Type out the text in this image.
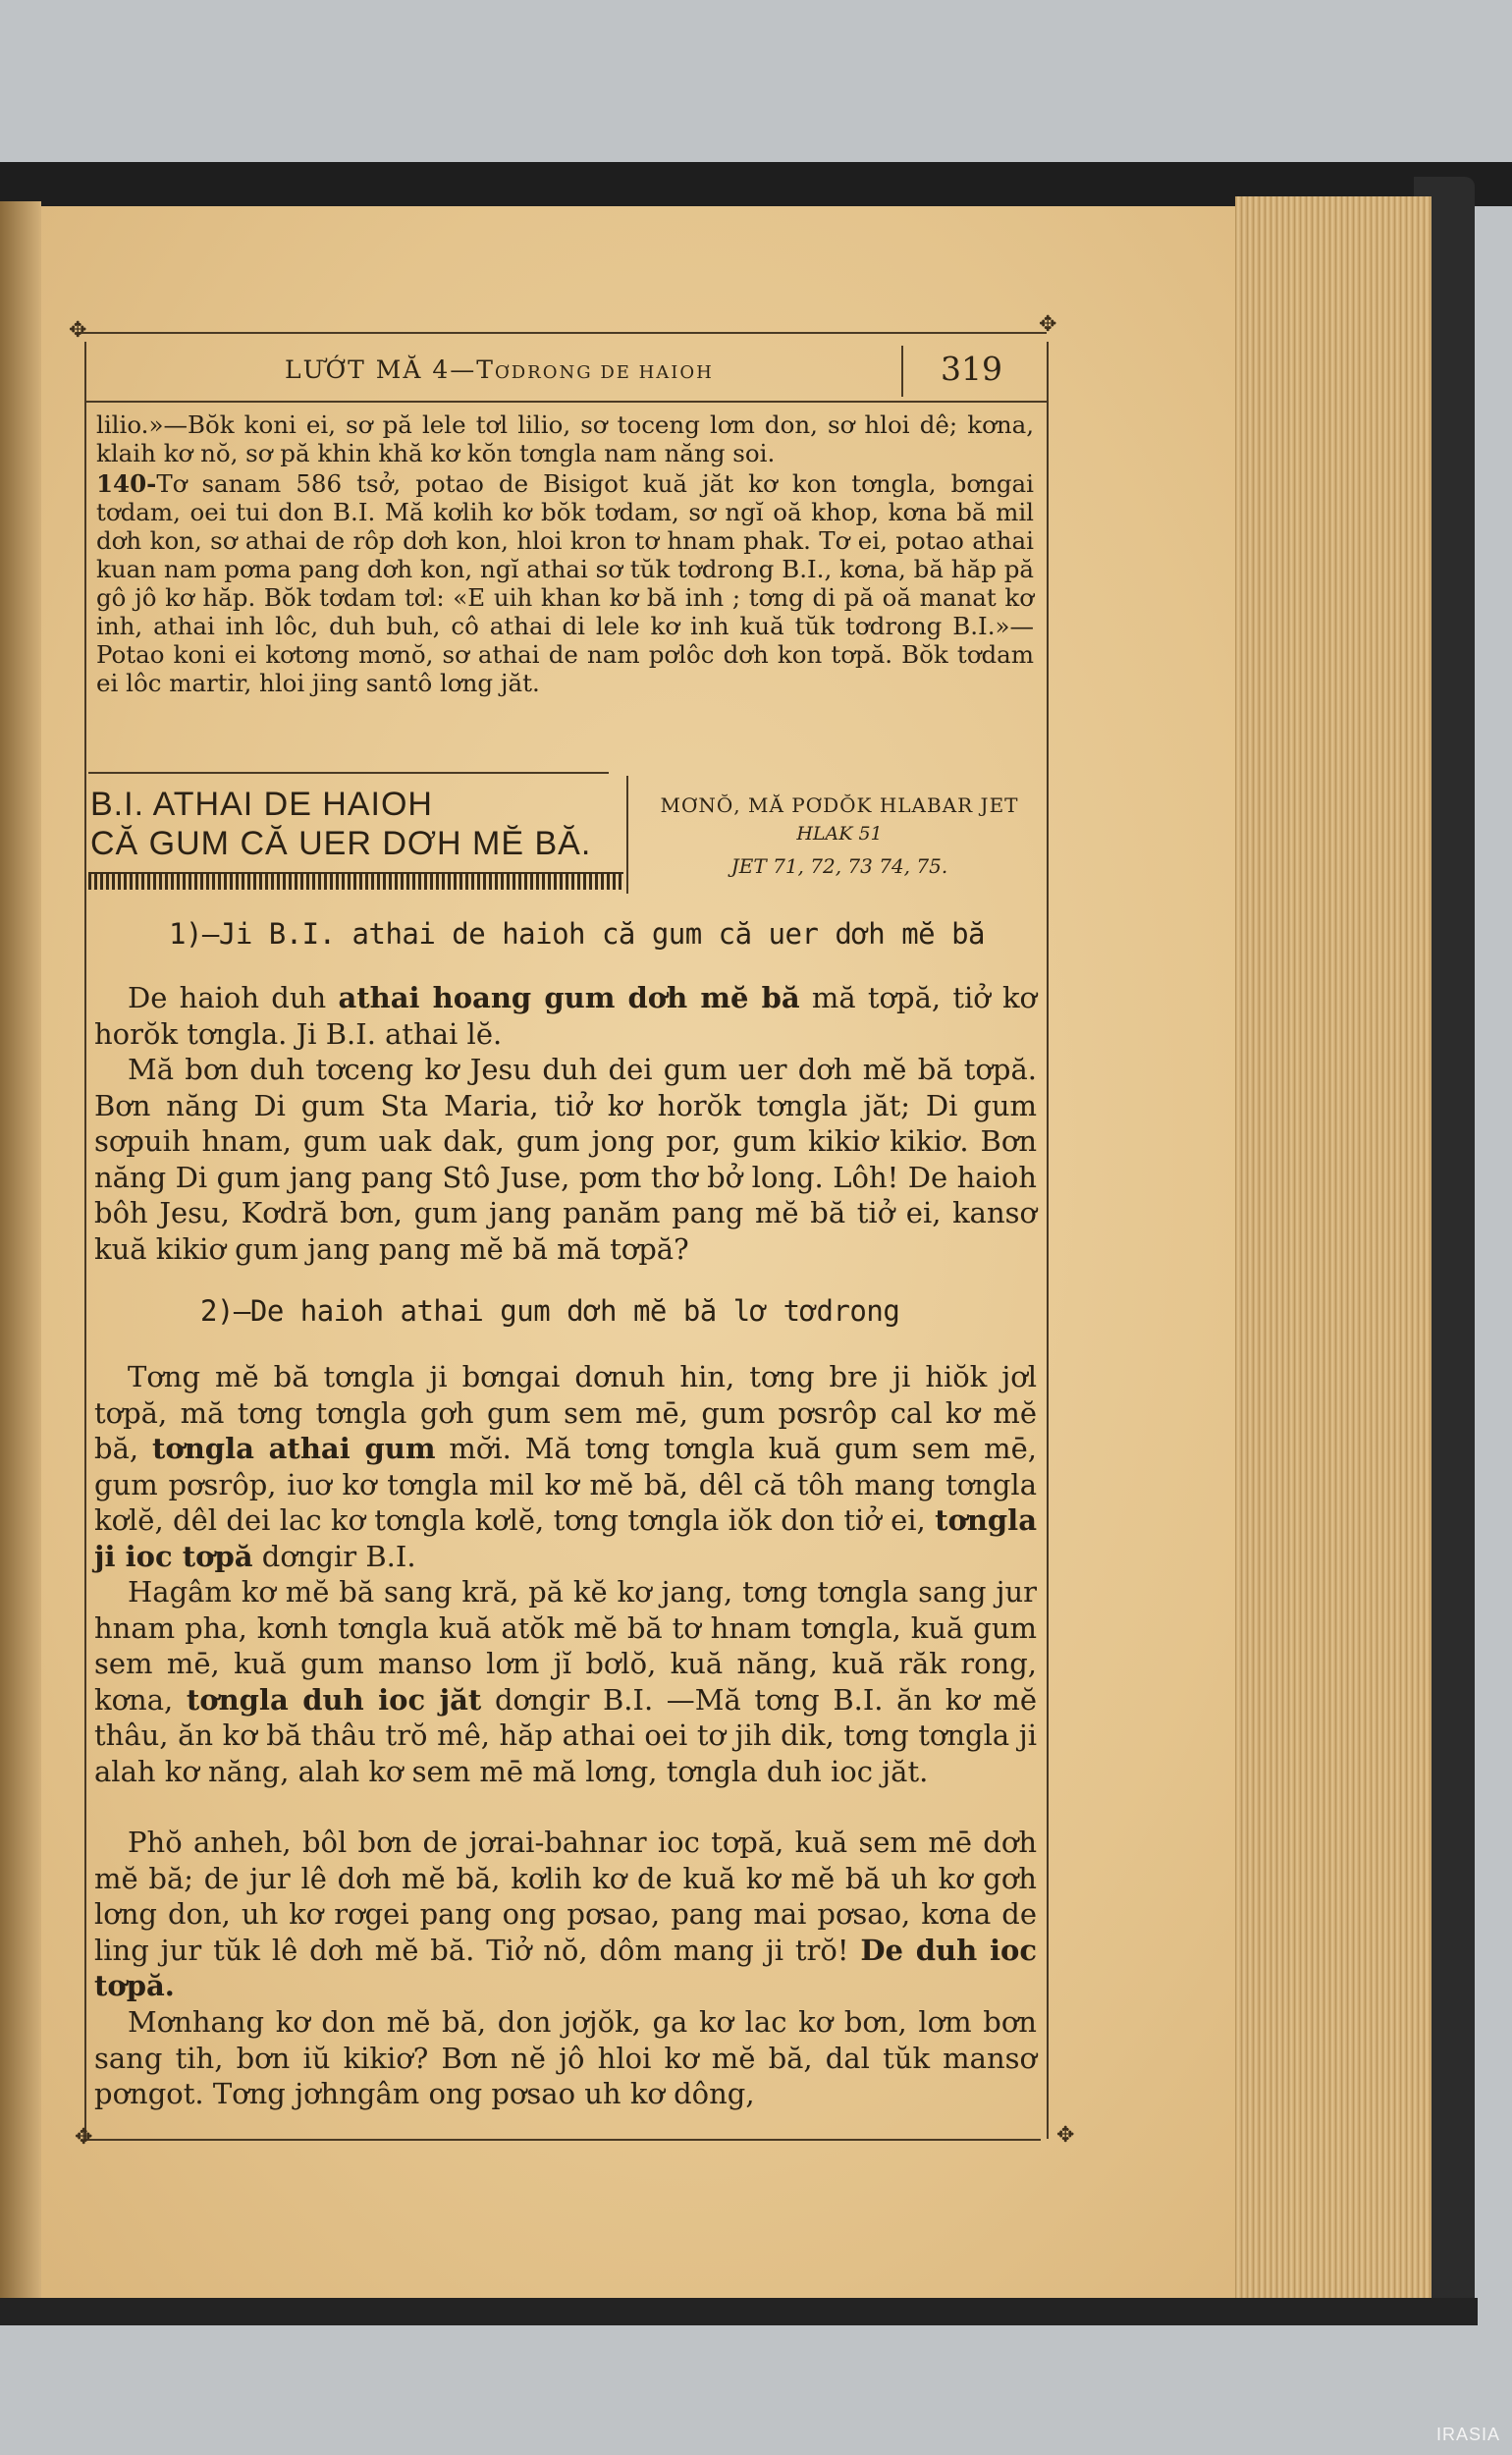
✥	✥
✥	✥
LƯỚT MĂ 4—TƠDRONG DE HAIOH	319

lilio.»—Bŏk koni ei, sơ pă lele tơl lilio, sơ toceng lơm don, sơ hloi dê; kơna, klaih kơ nŏ, sơ pă khin khă kơ kŏn tơngla nam năng soi.

140-Tơ sanam 586 tsở, potao de Bisigot kuă jăt kơ kon tơngla, bơngai tơdam, oei tui don B.I. Mă kơlih kơ bŏk tơdam, sơ ngĭ oă khop, kơna bă mil dơh kon, sơ athai de rôp dơh kon, hloi kron tơ hnam phak. Tơ ei, potao athai kuan nam pơma pang dơh kon, ngĭ athai sơ tŭk tơdrong B.I., kơna, bă hăp pă gô jô kơ hăp. Bŏk tơdam tơl: «E uih khan kơ bă inh ; tơng di pă oă manat kơ inh, athai inh lôc, duh buh, cô athai di lele kơ inh kuă tŭk tơdrong B.I.»—Potao koni ei kơtơng mơnŏ, sơ athai de nam pơlôc dơh kon tơpă. Bŏk tơdam ei lôc martir, hloi jing santô lơng jăt.

B.I. ATHAI DE HAIOH
CĂ GUM CĂ UER DƠH MĔ BĂ.
MƠNŎ, MĂ PƠDŎK HLABAR JET
HLAK 51
JET 71, 72, 73 74, 75.
1)—Ji B.I. athai de haioh că gum că uer dơh mĕ bă

De haioh duh athai hoang gum dơh mĕ bă mă tơpă, tiở kơ horŏk tơngla. Ji B.I. athai lĕ.

Mă bơn duh tơceng kơ Jesu duh dei gum uer dơh mĕ bă tơpă. Bơn năng Di gum Sta Maria, tiở kơ horŏk tơngla jăt; Di gum sơpuih hnam, gum uak dak, gum jong por, gum kikiơ kikiơ. Bơn năng Di gum jang pang Stô Juse, pơm thơ bở long. Lôh! De haioh bôh Jesu, Kơdră bơn, gum jang panăm pang mĕ bă tiở ei, kansơ kuă kikiơ gum jang pang mĕ bă mă tơpă?

2)—De haioh athai gum dơh mĕ bă lơ tơdrong

Tơng mĕ bă tơngla ji bơngai dơnuh hin, tơng bre ji hiŏk jơl tơpă, mă tơng tơngla gơh gum sem mē, gum pơsrôp cal kơ mĕ bă, tơngla athai gum mơ̆i. Mă tơng tơngla kuă gum sem mē, gum pơsrôp, iuơ kơ tơngla mil kơ mĕ bă, dêl că tôh mang tơngla kơlĕ, dêl dei lac kơ tơngla kơlĕ, tơng tơngla iŏk don tiở ei, tơngla ji ioc tơpă dơngir B.I.

Hagâm kơ mĕ bă sang kră, pă kĕ kơ jang, tơng tơngla sang jur hnam pha, kơnh tơngla kuă atŏk mĕ bă tơ hnam tơngla, kuă gum sem mē, kuă gum manso lơm jĭ bơlŏ, kuă năng, kuă răk rong, kơna, tơngla duh ioc jăt dơngir B.I. —Mă tơng B.I. ăn kơ mĕ thâu, ăn kơ bă thâu trŏ mê, hăp athai oei tơ jih dik, tơng tơngla ji alah kơ năng, alah kơ sem mē mă lơng, tơngla duh ioc jăt.

Phŏ anheh, bôl bơn de jơrai-bahnar ioc tơpă, kuă sem mē dơh mĕ bă; de jur lê dơh mĕ bă, kơlih kơ de kuă kơ mĕ bă uh kơ gơh lơng don, uh kơ rơgei pang ong pơsao, pang mai pơsao, kơna de ling jur tŭk lê dơh mĕ bă. Tiở nŏ, dôm mang ji trŏ! De duh ioc tơpă.

Mơnhang kơ don mĕ bă, don jơjŏk, ga kơ lac kơ bơn, lơm bơn sang tih, bơn iŭ kikiơ? Bơn nĕ jô hloi kơ mĕ bă, dal tŭk mansơ pơngot. Tơng jơhngâm ong pơsao uh kơ dông,

IRASIA
